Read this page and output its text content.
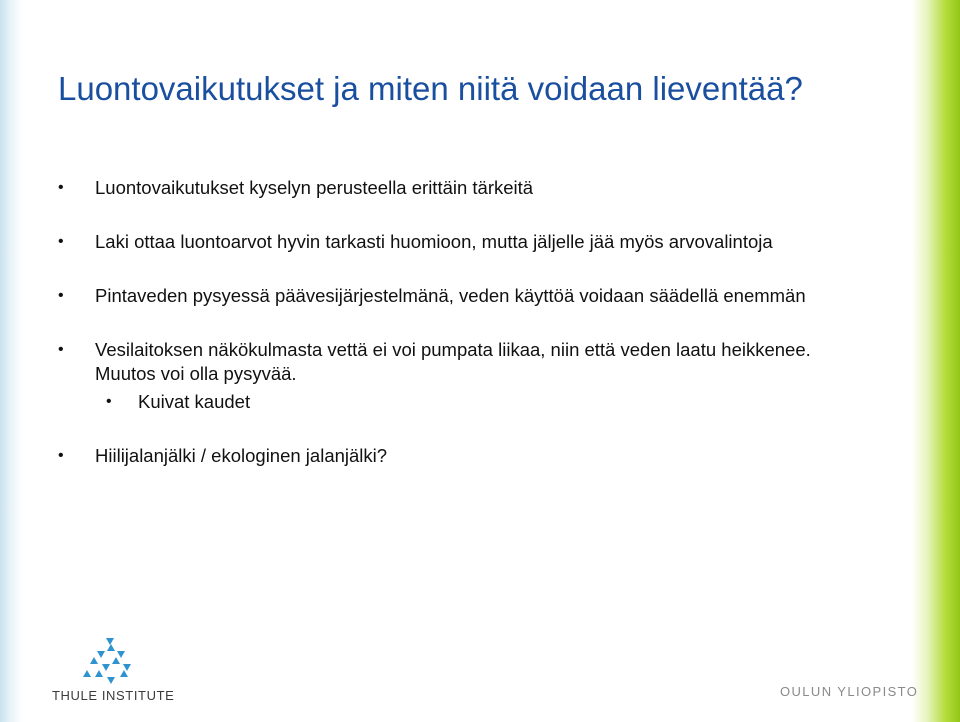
Luontovaikutukset ja miten niitä voidaan lieventää?
• Luontovaikutukset kyselyn perusteella erittäin tärkeitä
• Laki ottaa luontoarvot hyvin tarkasti huomioon, mutta jäljelle jää myös arvovalintoja
• Pintaveden pysyessä päävesijärjestelmänä, veden käyttöä voidaan säädellä enemmän
• Vesilaitoksen näkökulmasta vettä ei voi pumpata liikaa, niin että veden laatu heikkenee. Muutos voi olla pysyvää.
• Kuivat kaudet
• Hiilijalanjälki / ekologinen jalanjälki?
THULE INSTITUTE	OULUN YLIOPISTO
